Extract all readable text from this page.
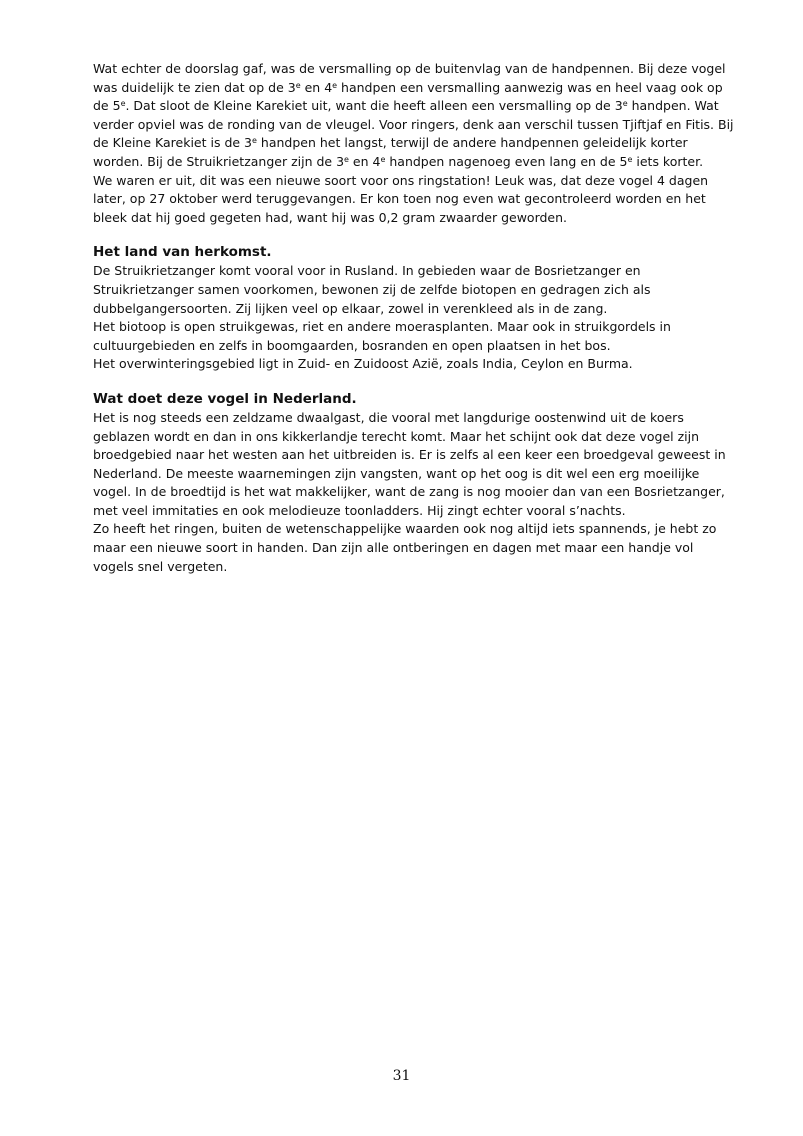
Wat echter de doorslag gaf, was de versmalling op de buitenvlag van de handpennen. Bij deze vogel
was duidelijk te zien dat op de 3e en 4e handpen een versmalling aanwezig was en heel vaag ook op
de 5e. Dat sloot de Kleine Karekiet uit, want die heeft alleen een versmalling op de 3e handpen. Wat
verder opviel was de ronding van de vleugel. Voor ringers, denk aan verschil tussen Tjiftjaf en Fitis. Bij
de Kleine Karekiet is de 3e handpen het langst, terwijl de andere handpennen geleidelijk korter
worden. Bij de Struikrietzanger zijn de 3e en 4e handpen nagenoeg even lang en de 5e iets korter.
We waren er uit, dit was een nieuwe soort voor ons ringstation! Leuk was, dat deze vogel 4 dagen
later, op 27 oktober werd teruggevangen. Er kon toen nog even wat gecontroleerd worden en het
bleek dat hij goed gegeten had, want hij was 0,2 gram zwaarder geworden.
Het land van herkomst.
De Struikrietzanger komt vooral voor in Rusland. In gebieden waar de Bosrietzanger en
Struikrietzanger samen voorkomen, bewonen zij de zelfde biotopen en gedragen zich als
dubbelgangersoorten. Zij lijken veel op elkaar, zowel in verenkleed als in de zang.
Het biotoop is open struikgewas, riet en andere moerasplanten. Maar ook in struikgordels in
cultuurgebieden en zelfs in boomgaarden, bosranden en open plaatsen in het bos.
Het overwinteringsgebied ligt in Zuid- en Zuidoost Azië, zoals India, Ceylon en Burma.
Wat doet deze vogel in Nederland.
Het is nog steeds een zeldzame dwaalgast, die vooral met langdurige oostenwind uit de koers
geblazen wordt en dan in ons kikkerlandje terecht komt. Maar het schijnt ook dat deze vogel zijn
broedgebied naar het westen aan het uitbreiden is. Er is zelfs al een keer een broedgeval geweest in
Nederland. De meeste waarnemingen zijn vangsten, want op het oog is dit wel een erg moeilijke
vogel. In de broedtijd is het wat makkelijker, want de zang is nog mooier dan van een Bosrietzanger,
met veel immitaties en ook melodieuze toonladders. Hij zingt echter vooral s’nachts.
Zo heeft het ringen, buiten de wetenschappelijke waarden ook nog altijd iets spannends, je hebt zo
maar een nieuwe soort in handen. Dan zijn alle ontberingen en dagen met maar een handje vol
vogels snel vergeten.
31
